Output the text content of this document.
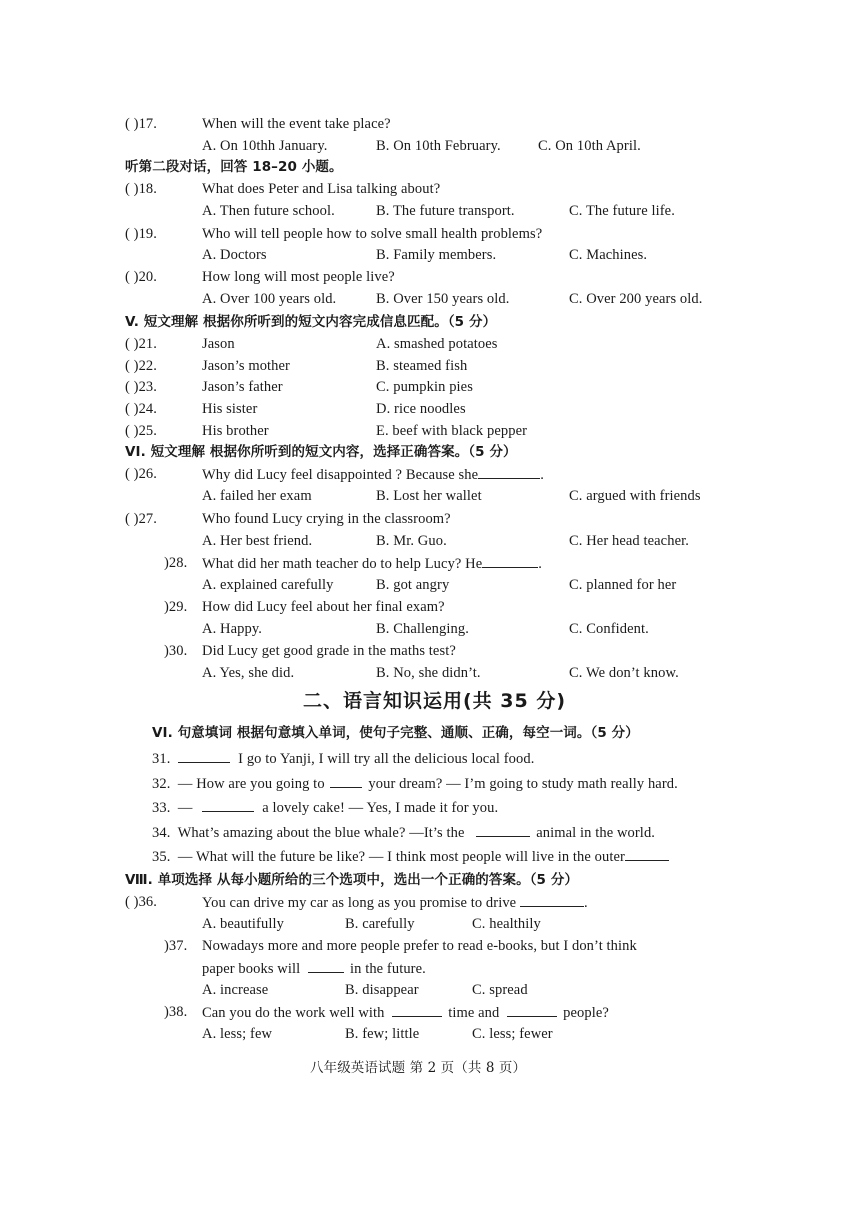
( )17.	When will the event take place?
A. On 10thh January.	B. On 10th February.	C. On 10th April.
听第二段对话，回答 18–20 小题。
( )18.	What does Peter and Lisa talking about?
A. Then future school.	B. The future transport.	C. The future life.
( )19.	Who will tell people how to solve small health problems?
A. Doctors	B. Family members.	C. Machines.
( )20.	How long will most people live?
A. Over 100 years old.	B. Over 150 years old.	C. Over 200 years old.
V. 短文理解 根据你所听到的短文内容完成信息匹配。（5 分）
( )21.	Jason	A. smashed potatoes
( )22.	Jason’s mother	B. steamed fish
( )23.	Jason’s father	C. pumpkin pies
( )24.	His sister	D. rice noodles
( )25.	His brother	E. beef with black pepper
VI. 短文理解 根据你所听到的短文内容，选择正确答案。（5 分）
( )26.	Why did Lucy feel disappointed ? Because she	.
A. failed her exam	B. Lost her wallet	C. argued with friends
( )27.	Who found Lucy crying in the classroom?
A. Her best friend.	B. Mr. Guo.	C. Her head teacher.
)28. What did her math teacher do to help Lucy? He	.
A. explained carefully	B. got angry	C. planned for her
)29. How did Lucy feel about her final exam?
A. Happy.	B. Challenging.	C. Confident.
)30. Did Lucy get good grade in the maths test?
A. Yes, she did.	B. No, she didn’t.	C. We don’t know.
二、语言知识运用(共 35 分)
VI. 句意填词 根据句意填入单词，使句子完整、通顺、正确，每空一词。（5 分）
31.	I go to Yanji, I will try all the delicious local food.
32. — How are you going to	your dream? — I’m going to study math really hard.
33. —	a lovely cake! — Yes, I made it for you.
34. What’s amazing about the blue whale? —It’s the	animal in the world.
35. — What will the future be like? — I think most people will live in the outer
Ⅷ. 单项选择 从每小题所给的三个选项中，选出一个正确的答案。（5 分）
( )36.	You can drive my car as long as you promise to drive	.
A. beautifully	B. carefully	C. healthily
)37. Nowadays more and more people prefer to read e-books, but I don’t think
paper books will	in the future.
A. increase	B. disappear	C. spread
)38. Can you do the work well with	time and	people?
A. less; few	B. few; little	C. less; fewer
八年级英语试题 第 2 页（共 8 页）
